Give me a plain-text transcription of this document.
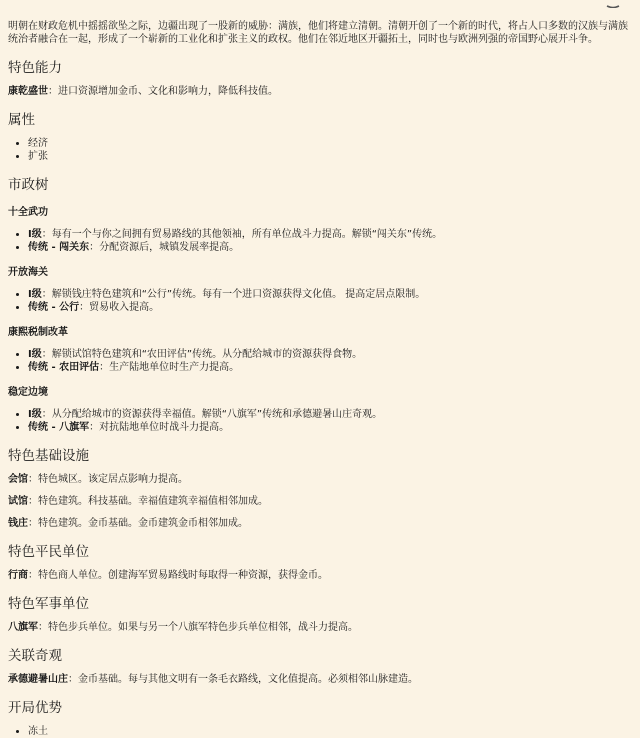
明朝在财政危机中摇摇欲坠之际，边疆出现了一股新的威胁：满族，他们将建立清朝。清朝开创了一个新的时代，将占人口多数的汉族与满族统治者融合在一起，形成了一个崭新的工业化和扩张主义的政权。他们在邻近地区开疆拓土，同时也与欧洲列强的帝国野心展开斗争。

特色能力

康乾盛世：进口资源增加金币、文化和影响力，降低科技值。

属性
• 经济
• 扩张
市政树
十全武功
• I级：每有一个与你之间拥有贸易路线的其他领袖，所有单位战斗力提高。解锁“闯关东”传统。
• 传统 - 闯关东：分配资源后，城镇发展率提高。
开放海关
• I级：解锁钱庄特色建筑和“公行”传统。每有一个进口资源获得文化值。 提高定居点限制。
• 传统 - 公行：贸易收入提高。
康熙税制改革
• I级：解锁试馆特色建筑和“农田评估”传统。从分配给城市的资源获得食物。
• 传统 - 农田评估：生产陆地单位时生产力提高。
稳定边境
• I级：从分配给城市的资源获得幸福值。解锁“八旗军”传统和承德避暑山庄奇观。
• 传统 - 八旗军：对抗陆地单位时战斗力提高。
特色基础设施

会馆：特色城区。该定居点影响力提高。

试馆：特色建筑。科技基础。幸福值建筑幸福值相邻加成。

钱庄：特色建筑。金币基础。金币建筑金币相邻加成。

特色平民单位

行商：特色商人单位。创建海军贸易路线时每取得一种资源，获得金币。

特色军事单位

八旗军：特色步兵单位。如果与另一个八旗军特色步兵单位相邻，战斗力提高。

关联奇观

承德避暑山庄：金币基础。每与其他文明有一条毛衣路线，文化值提高。必须相邻山脉建造。

开局优势
• 冻土
